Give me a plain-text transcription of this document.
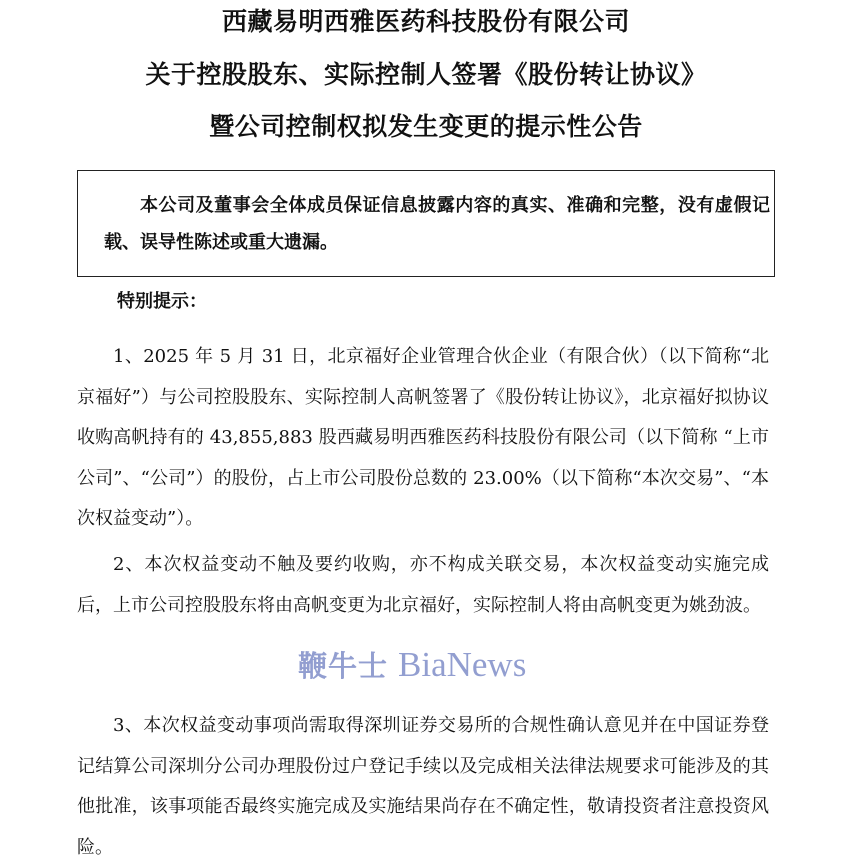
西藏易明西雅医药科技股份有限公司
关于控股股东、实际控制人签署《股份转让协议》
暨公司控制权拟发生变更的提示性公告
本公司及董事会全体成员保证信息披露内容的真实、准确和完整，没有虚假记载、误导性陈述或重大遗漏。
特别提示：
1、2025 年 5 月 31 日，北京福好企业管理合伙企业（有限合伙）（以下简称“北京福好”）与公司控股股东、实际控制人高帆签署了《股份转让协议》，北京福好拟协议收购高帆持有的 43,855,883 股西藏易明西雅医药科技股份有限公司（以下简称 “上市公司”、“公司”）的股份，占上市公司股份总数的 23.00%（以下简称“本次交易”、“本次权益变动”）。
2、本次权益变动不触及要约收购，亦不构成关联交易，本次权益变动实施完成后，上市公司控股股东将由高帆变更为北京福好，实际控制人将由高帆变更为姚劲波。
3、本次权益变动事项尚需取得深圳证券交易所的合规性确认意见并在中国证券登记结算公司深圳分公司办理股份过户登记手续以及完成相关法律法规要求可能涉及的其他批准，该事项能否最终实施完成及实施结果尚存在不确定性，敬请投资者注意投资风险。
鞭牛士 BiaNews
